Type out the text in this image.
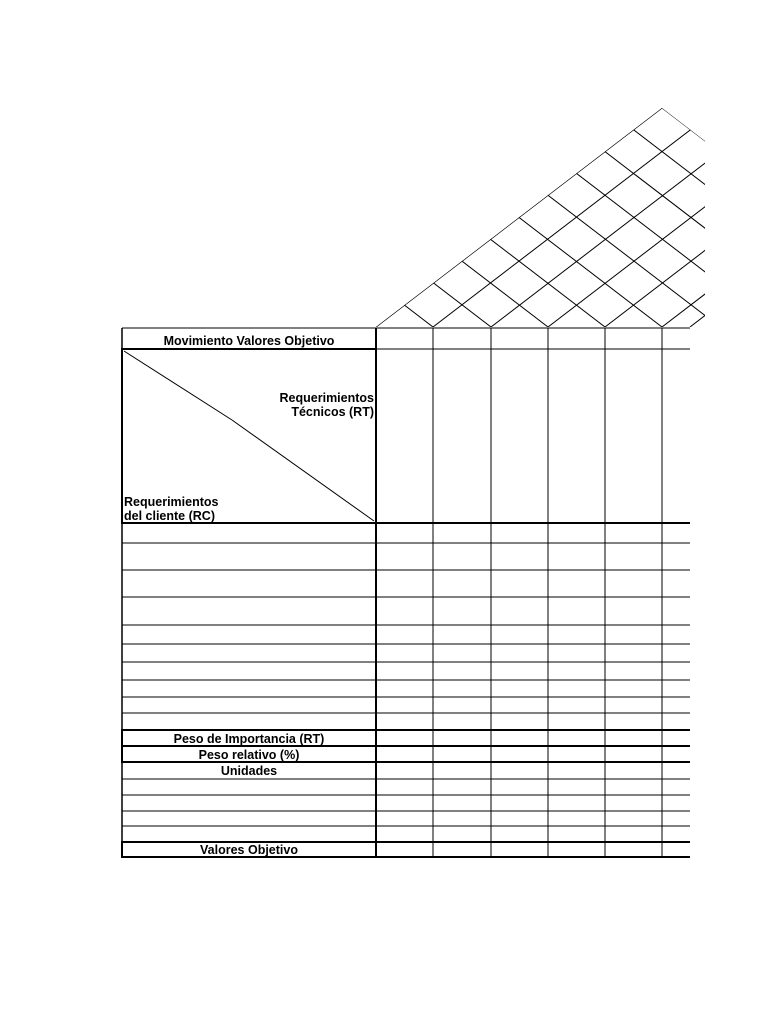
Movimiento Valores Objetivo
Requerimientos
Técnicos (RT)
Requerimientos
del cliente (RC)
Peso de Importancia (RT)
Peso relativo (%)
Unidades
Valores Objetivo
